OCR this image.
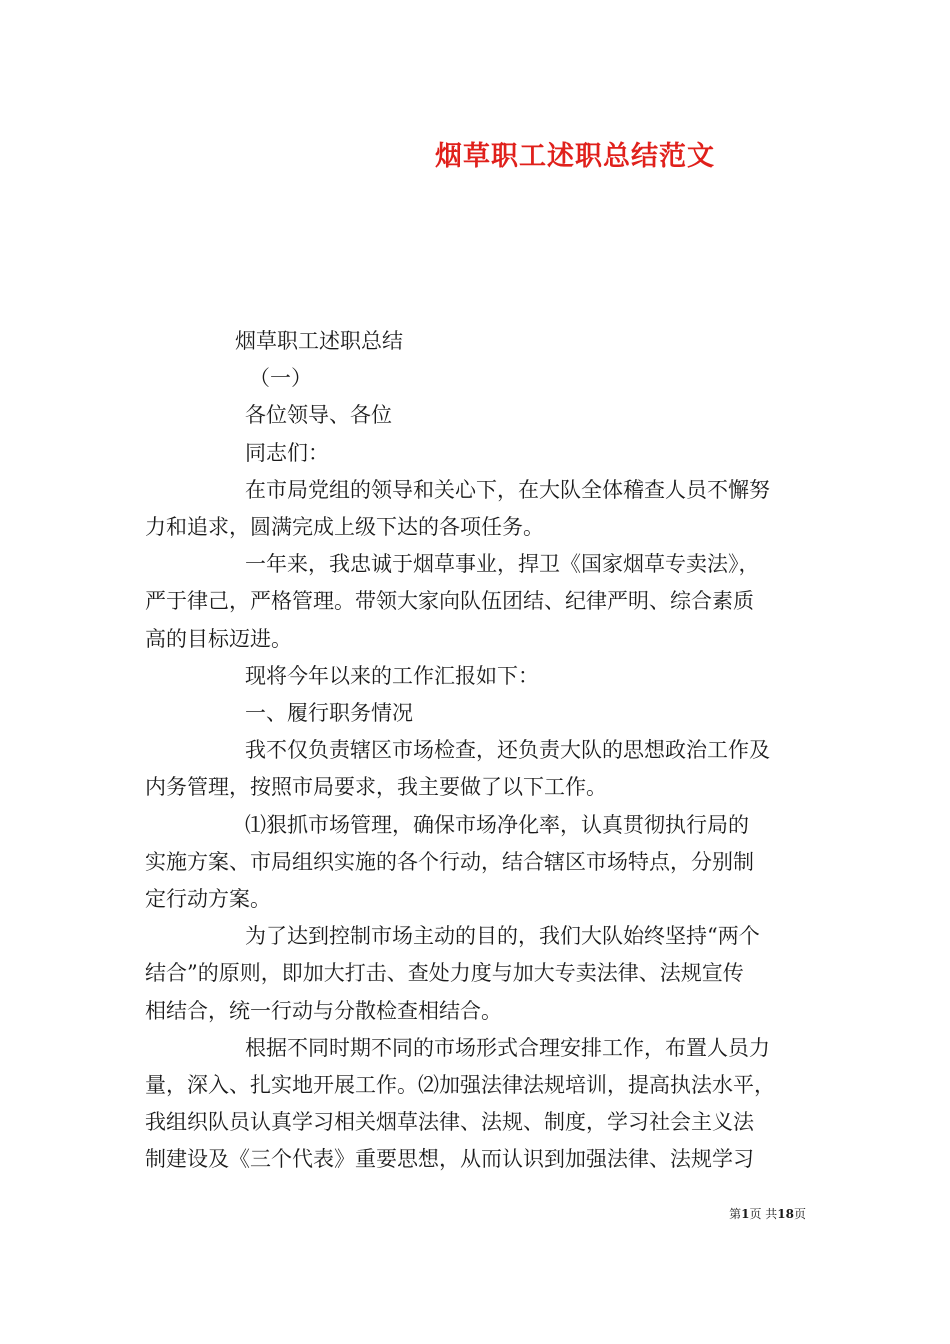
烟草职工述职总结范文

烟草职工述职总结

（一）

各位领导、各位

同志们：

在市局党组的领导和关心下，在大队全体稽查人员不懈努

力和追求，圆满完成上级下达的各项任务。

一年来，我忠诚于烟草事业，捍卫《国家烟草专卖法》，

严于律己，严格管理。带领大家向队伍团结、纪律严明、综合素质

高的目标迈进。

现将今年以来的工作汇报如下：

一、履行职务情况

我不仅负责辖区市场检查，还负责大队的思想政治工作及

内务管理，按照市局要求，我主要做了以下工作。

⑴狠抓市场管理，确保市场净化率，认真贯彻执行局的

实施方案、市局组织实施的各个行动，结合辖区市场特点，分别制

定行动方案。

为了达到控制市场主动的目的，我们大队始终坚持“两个

结合”的原则，即加大打击、查处力度与加大专卖法律、法规宣传

相结合，统一行动与分散检查相结合。

根据不同时期不同的市场形式合理安排工作，布置人员力

量，深入、扎实地开展工作。⑵加强法律法规培训，提高执法水平，

我组织队员认真学习相关烟草法律、法规、制度，学习社会主义法

制建设及《三个代表》重要思想，从而认识到加强法律、法规学习

第1页 共18页
